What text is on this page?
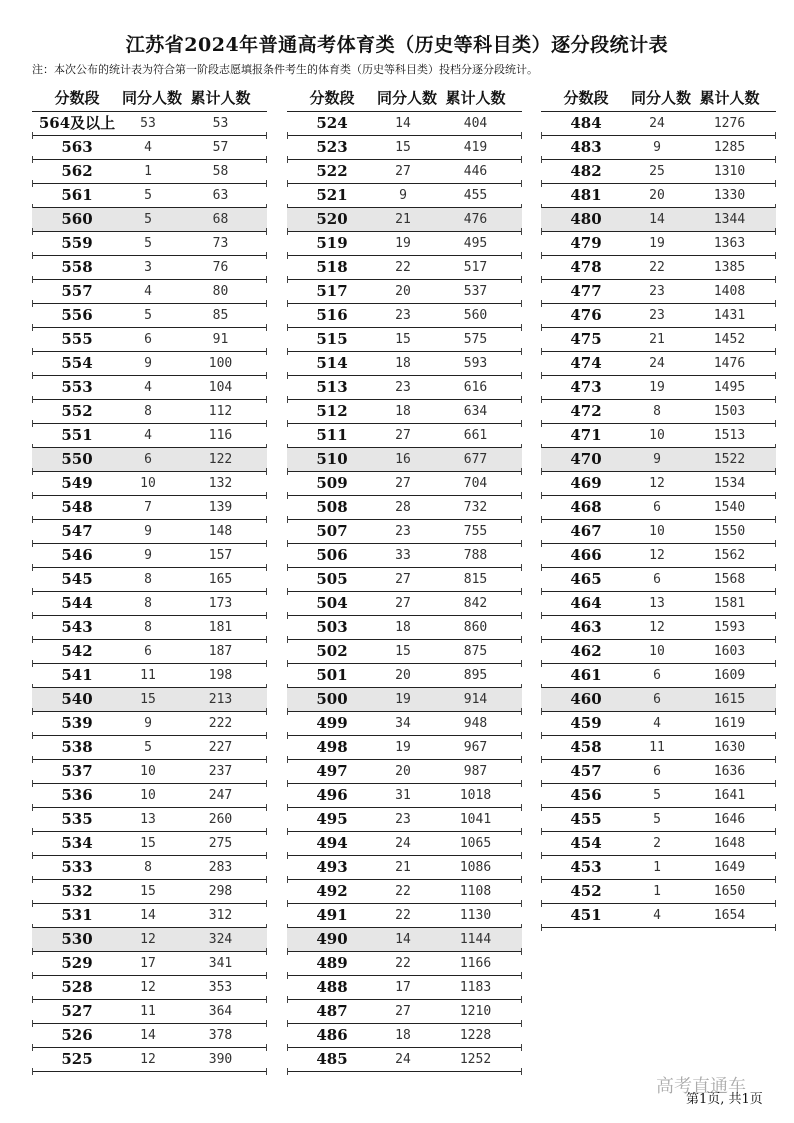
江苏省2024年普通高考体育类（历史等科目类）逐分段统计表
注：本次公布的统计表为符合第一阶段志愿填报条件考生的体育类（历史等科目类）投档分逐分段统计。
分数段	同分人数 累计人数
564及以上	53	53
563	4	57
562	1	58
561	5	63
560	5	68
559	5	73
558	3	76
557	4	80
556	5	85
555	6	91
554	9	100
553	4	104
552	8	112
551	4	116
550	6	122
549	10	132
548	7	139
547	9	148
546	9	157
545	8	165
544	8	173
543	8	181
542	6	187
541	11	198
540	15	213
539	9	222
538	5	227
537	10	237
536	10	247
535	13	260
534	15	275
533	8	283
532	15	298
531	14	312
530	12	324
529	17	341
528	12	353
527	11	364
526	14	378
525	12	390
分数段	同分人数 累计人数
524	14	404
523	15	419
522	27	446
521	9	455
520	21	476
519	19	495
518	22	517
517	20	537
516	23	560
515	15	575
514	18	593
513	23	616
512	18	634
511	27	661
510	16	677
509	27	704
508	28	732
507	23	755
506	33	788
505	27	815
504	27	842
503	18	860
502	15	875
501	20	895
500	19	914
499	34	948
498	19	967
497	20	987
496	31	1018
495	23	1041
494	24	1065
493	21	1086
492	22	1108
491	22	1130
490	14	1144
489	22	1166
488	17	1183
487	27	1210
486	18	1228
485	24	1252
分数段	同分人数 累计人数
484	24	1276
483	9	1285
482	25	1310
481	20	1330
480	14	1344
479	19	1363
478	22	1385
477	23	1408
476	23	1431
475	21	1452
474	24	1476
473	19	1495
472	8	1503
471	10	1513
470	9	1522
469	12	1534
468	6	1540
467	10	1550
466	12	1562
465	6	1568
464	13	1581
463	12	1593
462	10	1603
461	6	1609
460	6	1615
459	4	1619
458	11	1630
457	6	1636
456	5	1641
455	5	1646
454	2	1648
453	1	1649
452	1	1650
451	4	1654
高考直通车
第1页, 共1页
